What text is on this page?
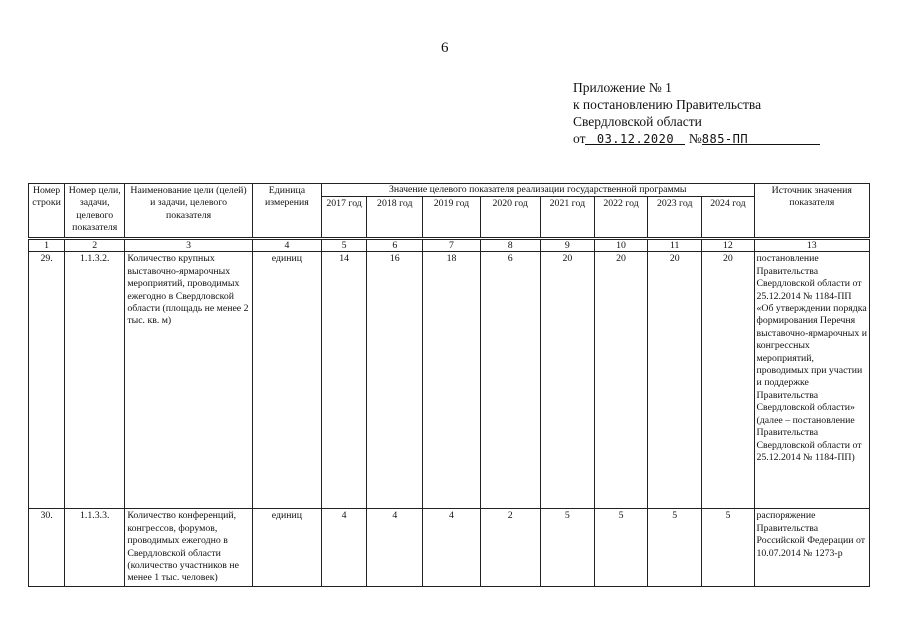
6
Приложение № 1
к постановлению Правительства
Свердловской области
от 03.12.2020 №885-ПП
Номер строки	Номер цели, задачи, целевого показателя	Наименование цели (целей) и задачи, целевого показателя	Единица измерения	Значение целевого показателя реализации государственной программы								Источник значения показателя
				2017 год	2018 год	2019 год	2020 год	2021 год	2022 год	2023 год	2024 год	
1	2	3	4	5	6	7	8	9	10	11	12	13
29.	1.1.3.2.	Количество крупных выставочно-ярмарочных мероприятий, проводимых ежегодно в Свердловской области (площадь не менее 2 тыс. кв. м)	единиц	14	16	18	6	20	20	20	20	постановление Правительства Свердловской области от 25.12.2014 № 1184-ПП «Об утверждении порядка формирования Перечня выставочно-ярмарочных и конгрессных мероприятий, проводимых при участии и поддержке Правительства Свердловской области» (далее – постановление Правительства Свердловской области от 25.12.2014 № 1184-ПП)
30.	1.1.3.3.	Количество конференций, конгрессов, форумов, проводимых ежегодно в Свердловской области (количество участников не менее 1 тыс. человек)	единиц	4	4	4	2	5	5	5	5	распоряжение Правительства Российской Федерации от 10.07.2014 № 1273-р
